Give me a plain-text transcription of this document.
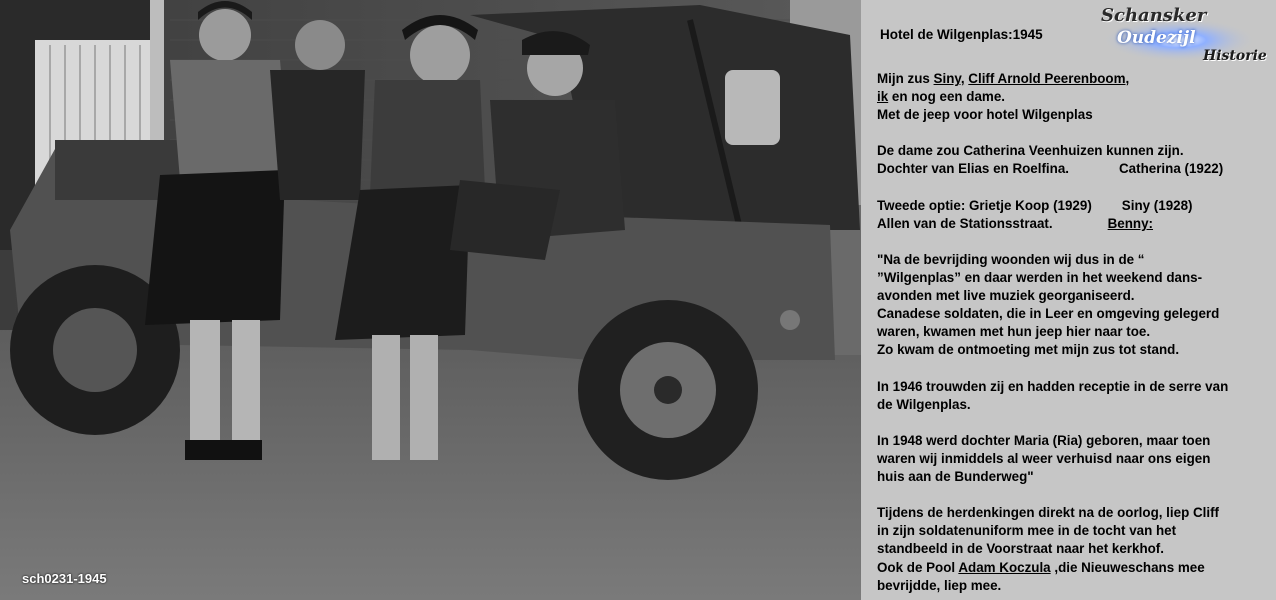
sch0231-1945
Hotel de Wilgenplas:1945
Schansker
Oudezijl
Historie
Mijn zus Siny, Cliff Arnold Peerenboom,
ik en nog een dame.
Met de jeep voor hotel Wilgenplas
De dame zou Catherina Veenhuizen kunnen zijn.
Dochter van Elias en Roelfina.	Catherina (1922)
Tweede optie: Grietje Koop (1929) Siny (1928)
Allen van de Stationsstraat.	Benny:
"Na de bevrijding woonden wij dus in de “
”Wilgenplas” en daar werden in het weekend dans-
avonden met live muziek georganiseerd.
Canadese soldaten, die in Leer en omgeving gelegerd
waren, kwamen met hun jeep hier naar toe.
Zo kwam de ontmoeting met mijn zus tot stand.
In 1946 trouwden zij en hadden receptie in de serre van
de Wilgenplas.
In 1948 werd dochter Maria (Ria) geboren, maar toen
waren wij inmiddels al weer verhuisd naar ons eigen
huis aan de Bunderweg"
Tijdens de herdenkingen direkt na de oorlog, liep Cliff
in zijn soldatenuniform mee in de tocht van het
standbeeld in de Voorstraat naar het kerkhof.
Ook de Pool Adam Koczula ,die Nieuweschans mee
bevrijdde, liep mee.
